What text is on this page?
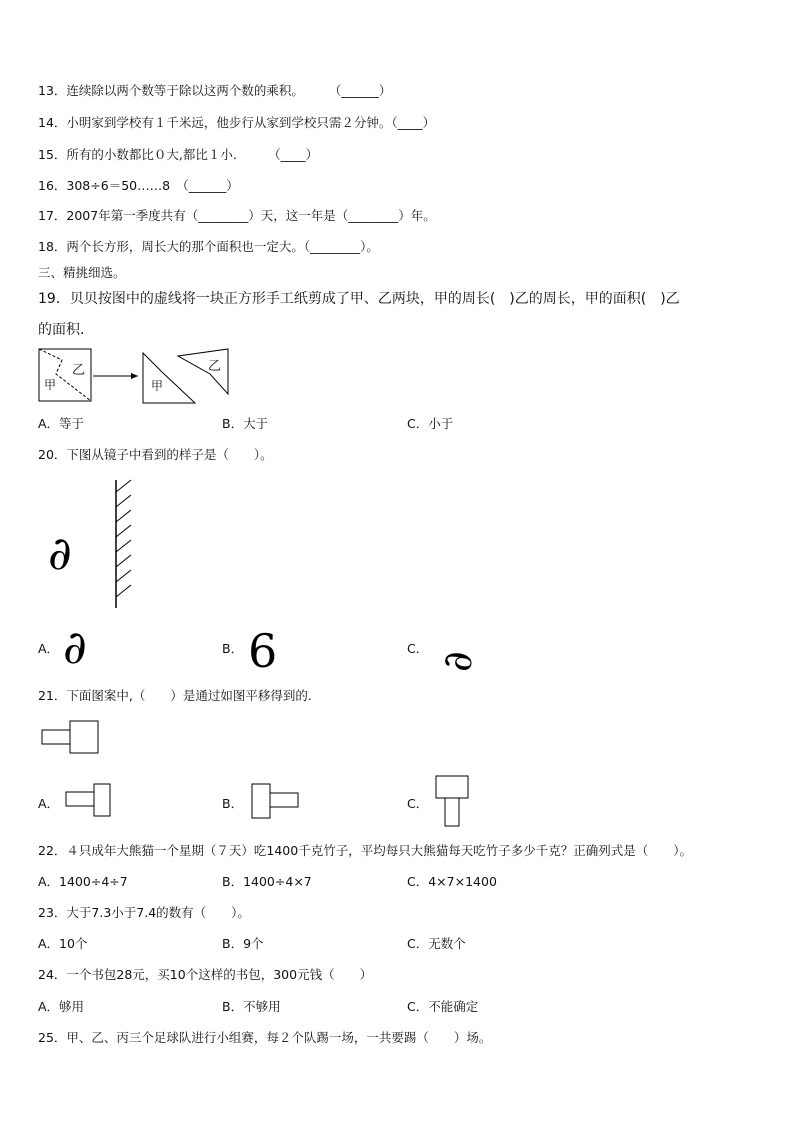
13．连续除以两个数等于除以这两个数的乘积。　　　（______）
14．小明家到学校有１千米远，他步行从家到学校只需２分钟。（____）
15．所有的小数都比０大,都比１小.　　　（____）
16．308÷6＝50……8　（______）
17．2007年第一季度共有（________）天，这一年是（________）年。
18．两个长方形，周长大的那个面积也一定大。（________）。
三、精挑细选。
19．贝贝按图中的虚线将一块正方形手工纸剪成了甲、乙两块，甲的周长(　)乙的周长，甲的面积(　)乙
的面积.
甲
乙
甲
乙
A．等于	B．大于	C．小于
20．下图从镜子中看到的样子是（　　）。
∂
A． ∂	B． 6	C．
∂
21．下面图案中,（　　）是通过如图平移得到的.
A．	B．	C．
22．４只成年大熊猫一个星期（７天）吃1400千克竹子，平均每只大熊猫每天吃竹子多少千克？正确列式是（　　）。
A．1400÷4÷7	B．1400÷4×7	C．4×7×1400
23．大于7.3小于7.4的数有（　　）。
A．10个	B．9个	C．无数个
24．一个书包28元，买10个这样的书包，300元钱（　　）
A．够用	B．不够用	C．不能确定
25．甲、乙、丙三个足球队进行小组赛，每２个队踢一场，一共要踢（　　）场。
